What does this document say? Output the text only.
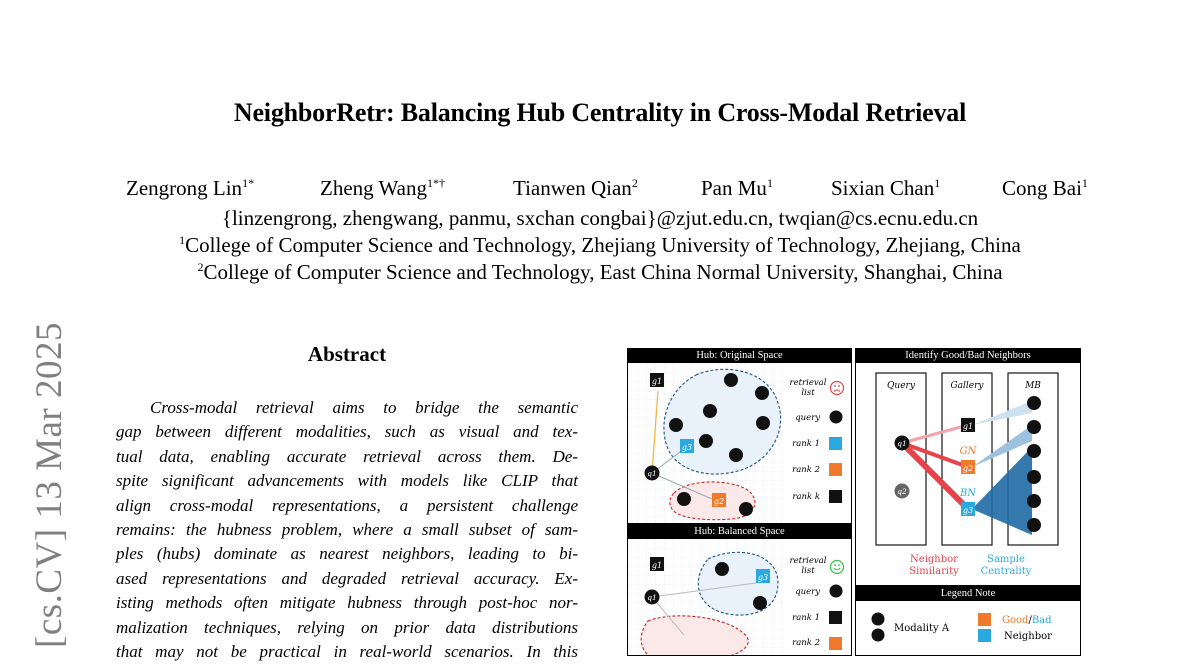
NeighborRetr: Balancing Hub Centrality in Cross-Modal Retrieval
Zengrong Lin$^{1*}$	Zheng Wang$^{1*\dagger}$	Tianwen Qian$^2$	Pan Mu$^1$	Sixian Chan$^1$	Cong Bai$^1$
{linzengrong, zhengwang, panmu, sxchan congbai}@zjut.edu.cn, twqian@cs.ecnu.edu.cn
$^1$College of Computer Science and Technology, Zhejiang University of Technology, Zhejiang, China
$^2$College of Computer Science and Technology, East China Normal University, Shanghai, China
[cs.CV] 13 Mar 2025	Abstract
Cross-modal retrieval aims to bridge the semantic
gap between different modalities, such as visual and tex-
tual data, enabling accurate retrieval across them. De-
spite significant advancements with models like CLIP that
align cross-modal representations, a persistent challenge
remains: the hubness problem, where a small subset of sam-
ples (hubs) dominate as nearest neighbors, leading to bi-
ased representations and degraded retrieval accuracy. Ex-
isting methods often mitigate hubness through post-hoc nor-
malization techniques, relying on prior data distributions
that may not be practical in real-world scenarios. In this
Hub: Original Space
g1
g3
q1
g2
retrieval
list
query
rank 1
rank 2
rank k
Hub: Balanced Space
g1
g3
q1
retrieval
list
query
rank 1
rank 2
Identify Good/Bad Neighbors
Query	Gallery	MB
q1
q2
g1
GN
g2
BN
g3
Neighbor
Similarity
Sample
Centrality
Legend Note
Modality A
Good/Bad
Neighbor
